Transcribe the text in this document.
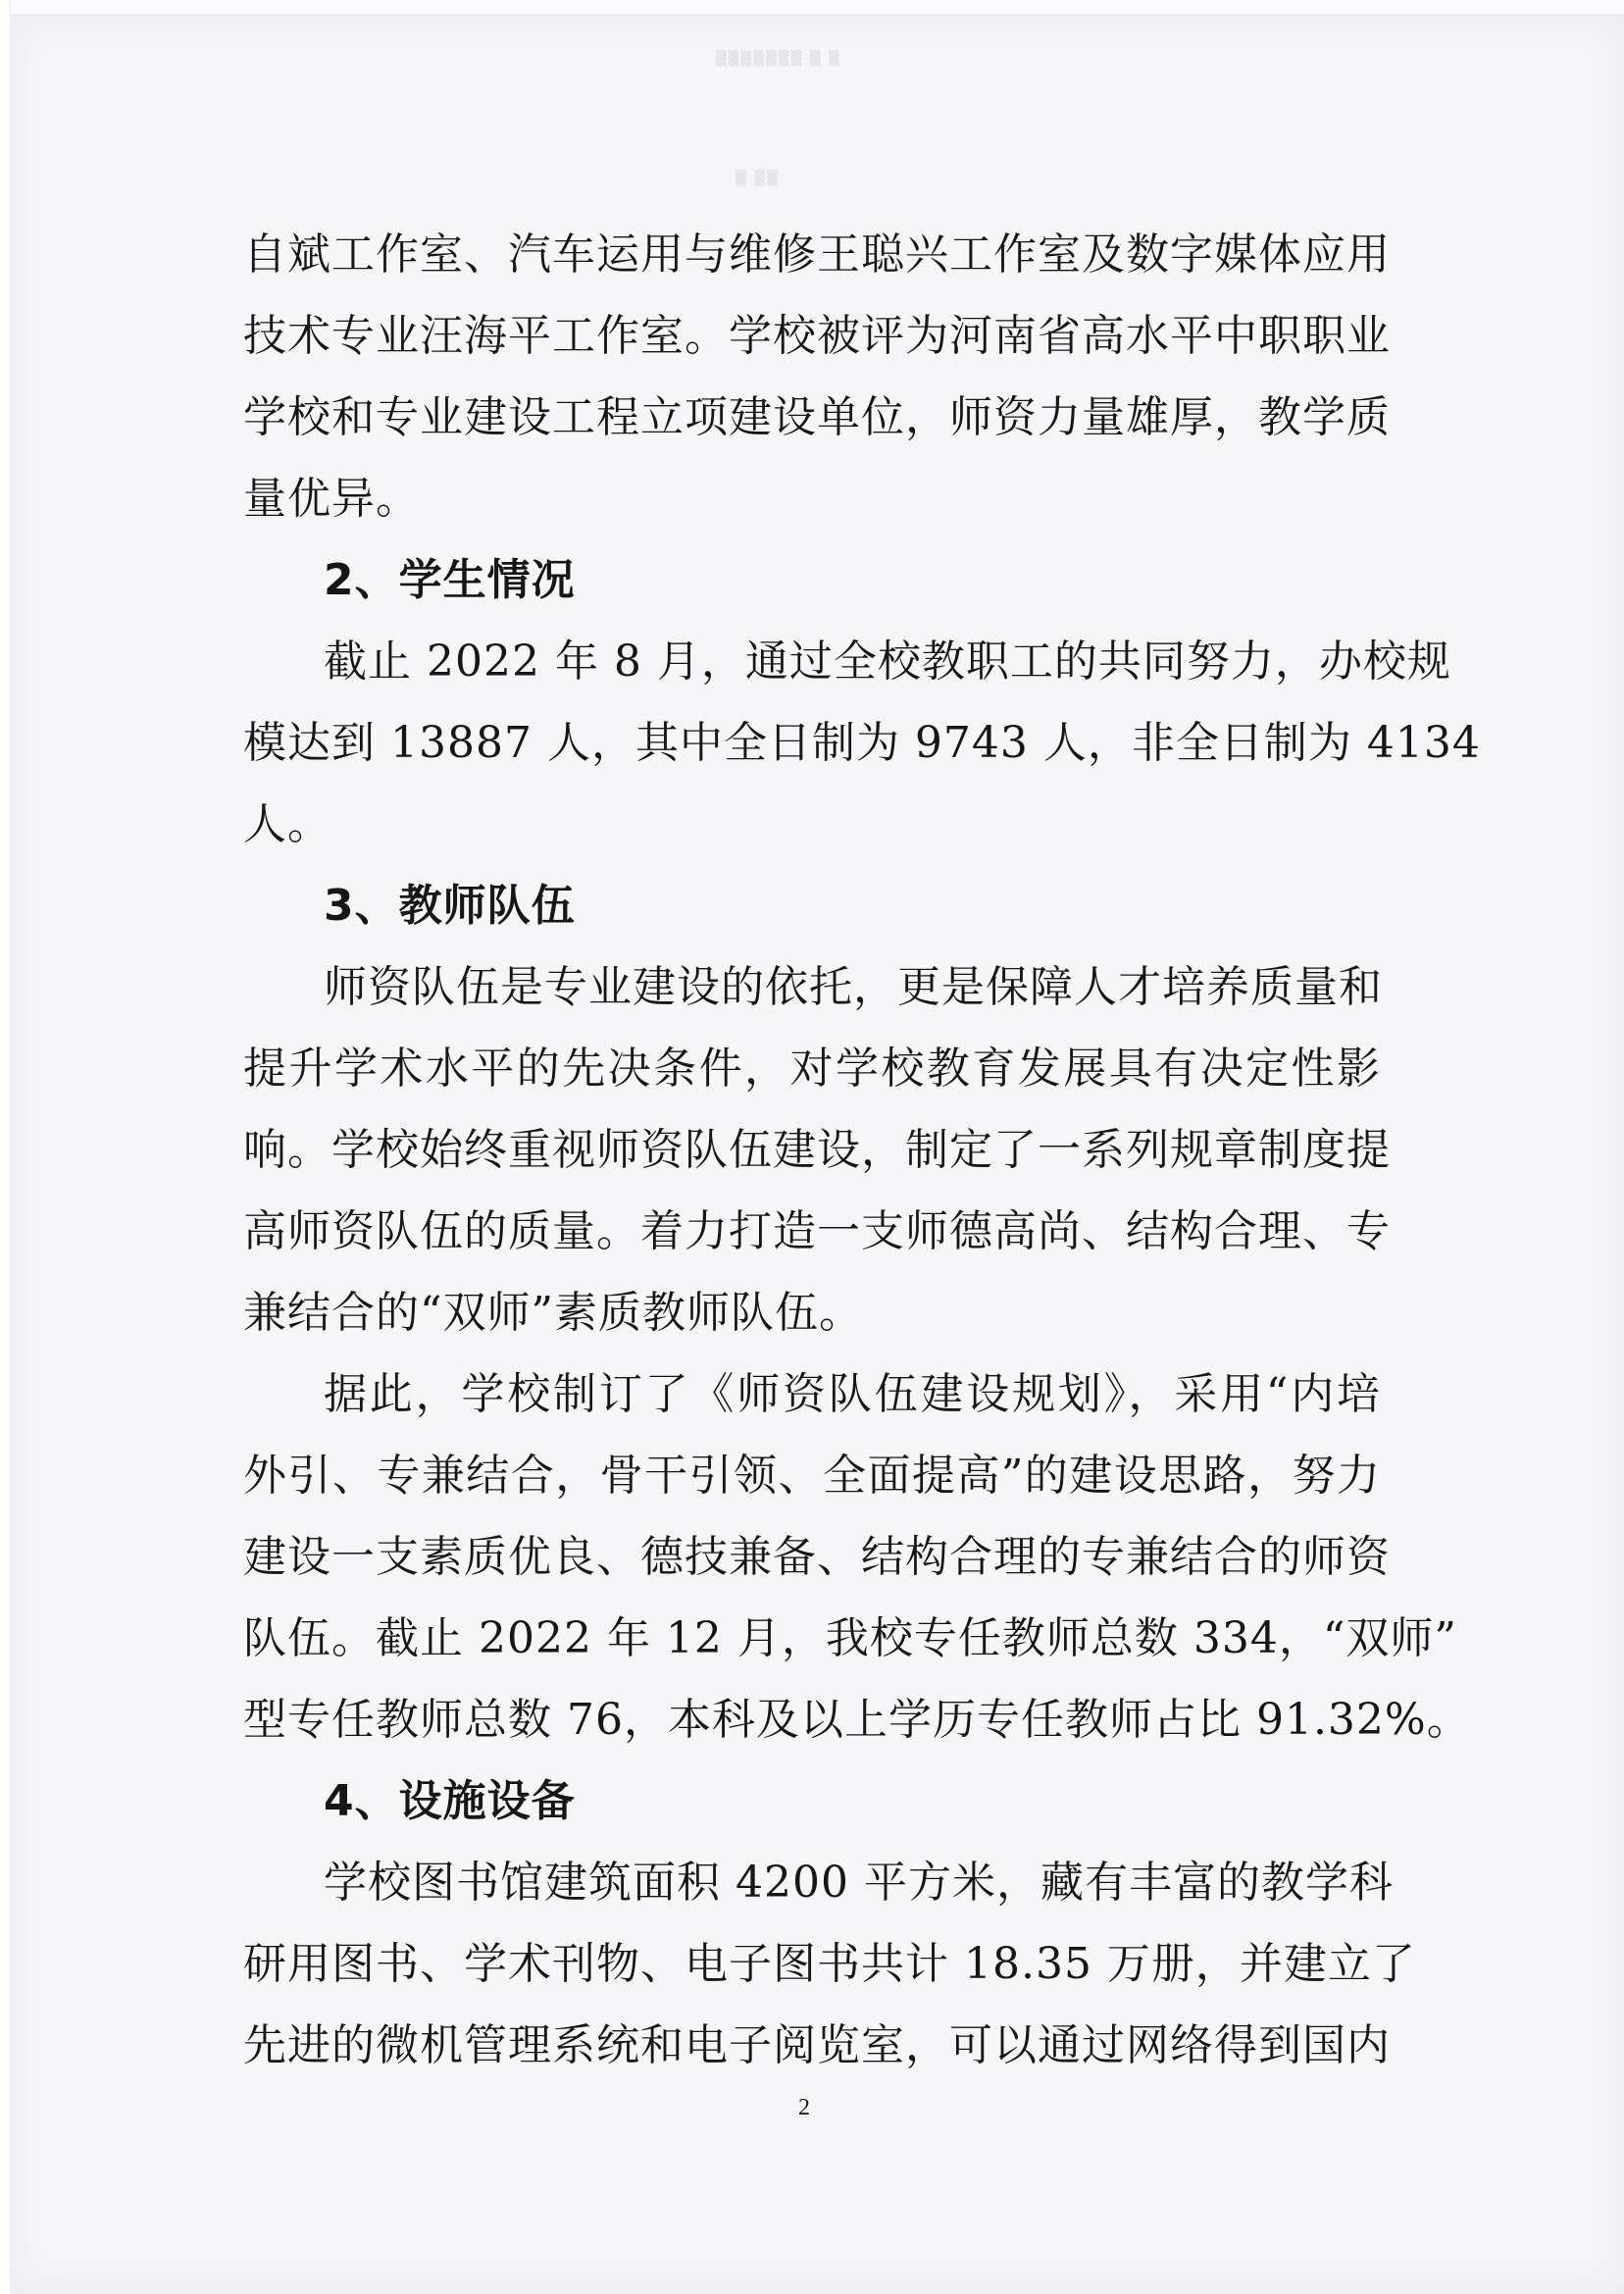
▒▒▒▒▒▒▒ ▒ ▒
▒ ▒▒
自斌工作室、汽车运用与维修王聪兴工作室及数字媒体应用
技术专业汪海平工作室。学校被评为河南省高水平中职职业
学校和专业建设工程立项建设单位，师资力量雄厚，教学质
量优异。
2、学生情况
截止 2022 年 8 月，通过全校教职工的共同努力，办校规
模达到 13887 人，其中全日制为 9743 人，非全日制为 4134
人。
3、教师队伍
师资队伍是专业建设的依托，更是保障人才培养质量和
提升学术水平的先决条件，对学校教育发展具有决定性影
响。学校始终重视师资队伍建设，制定了一系列规章制度提
高师资队伍的质量。着力打造一支师德高尚、结构合理、专
兼结合的“双师”素质教师队伍。
据此，学校制订了《师资队伍建设规划》，采用“内培
外引、专兼结合，骨干引领、全面提高”的建设思路，努力
建设一支素质优良、德技兼备、结构合理的专兼结合的师资
队伍。截止 2022 年 12 月，我校专任教师总数 334，“双师”
型专任教师总数 76，本科及以上学历专任教师占比 91.32%。
4、设施设备
学校图书馆建筑面积 4200 平方米，藏有丰富的教学科
研用图书、学术刊物、电子图书共计 18.35 万册，并建立了
先进的微机管理系统和电子阅览室，可以通过网络得到国内
2
